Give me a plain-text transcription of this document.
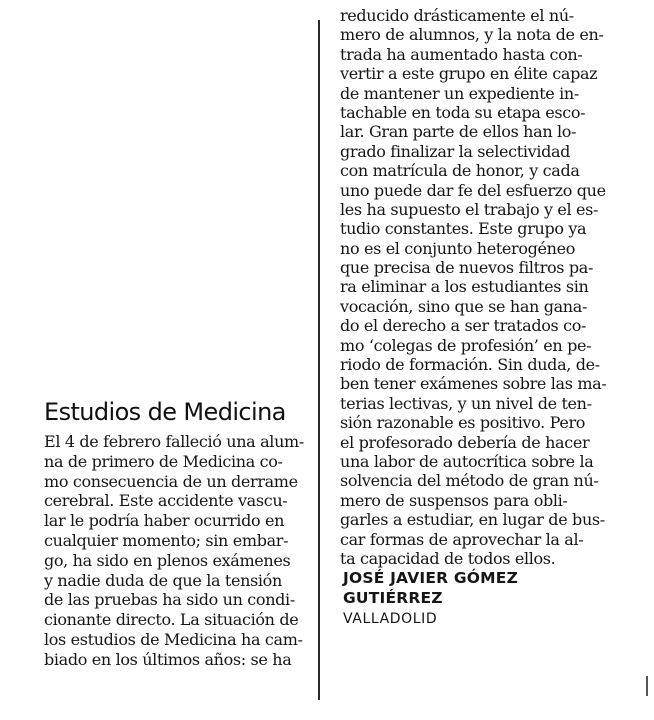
Estudios de Medicina
El 4 de febrero falleció una alum-
na de primero de Medicina co-
mo consecuencia de un derrame
cerebral. Este accidente vascu-
lar le podría haber ocurrido en
cualquier momento; sin embar-
go, ha sido en plenos exámenes
y nadie duda de que la tensión
de las pruebas ha sido un condi-
cionante directo. La situación de
los estudios de Medicina ha cam-
biado en los últimos años: se ha
reducido drásticamente el nú-
mero de alumnos, y la nota de en-
trada ha aumentado hasta con-
vertir a este grupo en élite capaz
de mantener un expediente in-
tachable en toda su etapa esco-
lar. Gran parte de ellos han lo-
grado finalizar la selectividad
con matrícula de honor, y cada
uno puede dar fe del esfuerzo que
les ha supuesto el trabajo y el es-
tudio constantes. Este grupo ya
no es el conjunto heterogéneo
que precisa de nuevos filtros pa-
ra eliminar a los estudiantes sin
vocación, sino que se han gana-
do el derecho a ser tratados co-
mo ‘colegas de profesión’ en pe-
riodo de formación. Sin duda, de-
ben tener exámenes sobre las ma-
terias lectivas, y un nivel de ten-
sión razonable es positivo. Pero
el profesorado debería de hacer
una labor de autocrítica sobre la
solvencia del método de gran nú-
mero de suspensos para obli-
garles a estudiar, en lugar de bus-
car formas de aprovechar la al-
ta capacidad de todos ellos.
JOSÉ JAVIER GÓMEZ
GUTIÉRREZ
VALLADOLID
